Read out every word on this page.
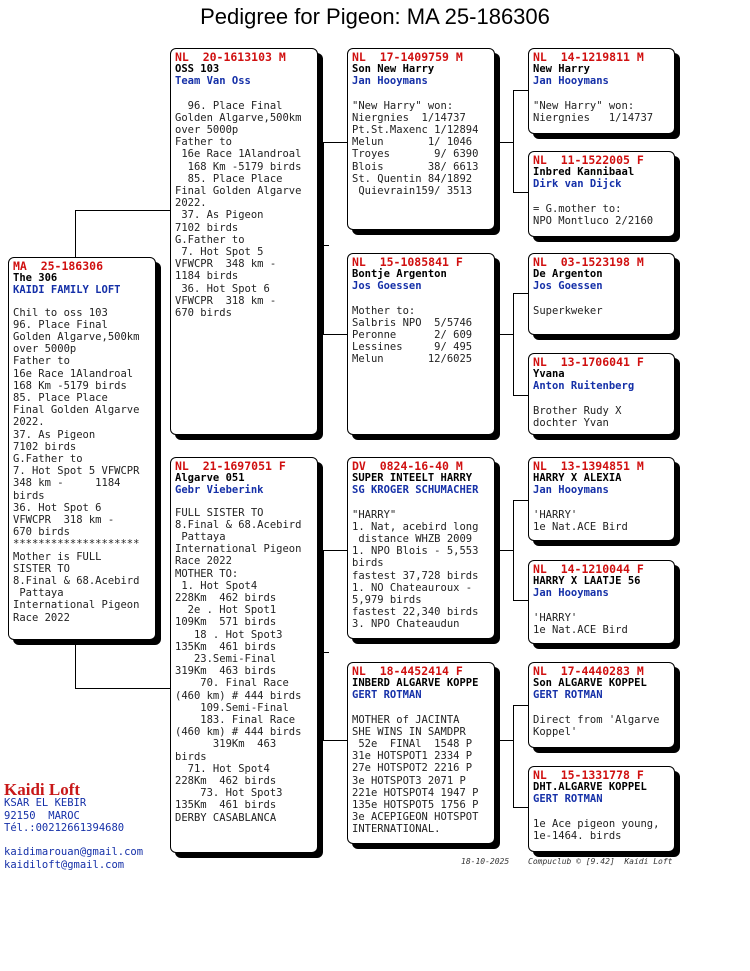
Pedigree for Pigeon: MA 25-186306
MA  25-186306
The 306
KAIDI FAMILY LOFT
Chil to oss 103
96. Place Final
Golden Algarve,500km
over 5000p
Father to
16e Race 1Alandroal
168 Km -5179 birds
85. Place Place
Final Golden Algarve
2022.
37. As Pigeon
7102 birds
G.Father to
7. Hot Spot 5 VFWCPR
348 km -     1184
birds
36. Hot Spot 6
VFWCPR  318 km -
670 birds
********************
Mother is FULL
SISTER TO
8.Final & 68.Acebird
Pattaya
International Pigeon
Race 2022
NL  20-1613103 M
OSS 103
Team Van Oss
96. Place Final
Golden Algarve,500km
over 5000p
Father to
16e Race 1Alandroal
168 Km -5179 birds
85. Place Place
Final Golden Algarve
2022.
37. As Pigeon
7102 birds
G.Father to
7. Hot Spot 5
VFWCPR  348 km -
1184 birds
36. Hot Spot 6
VFWCPR  318 km -
670 birds
NL  21-1697051 F
Algarve 051
Gebr Vieberink
FULL SISTER TO
8.Final & 68.Acebird
Pattaya
International Pigeon
Race 2022
MOTHER TO:
1. Hot Spot4
228Km  462 birds
2e . Hot Spot1
109Km  571 birds
18 . Hot Spot3
135Km  461 birds
23.Semi-Final
319Km  463 birds
70. Final Race
(460 km) # 444 birds
109.Semi-Final
183. Final Race
(460 km) # 444 birds
319Km  463
birds
71. Hot Spot4
228Km  462 birds
73. Hot Spot3
135Km  461 birds
DERBY CASABLANCA
NL  17-1409759 M
Son New Harry
Jan Hooymans
"New Harry" won:
Niergnies  1/14737
Pt.St.Maxenc 1/12894
Melun       1/ 1046
Troyes       9/ 6390
Blois       38/ 6613
St. Quentin 84/1892
Quievrain159/ 3513
NL  15-1085841 F
Bontje Argenton
Jos Goessen
Mother to:
Salbris NPO  5/5746
Peronne      2/ 609
Lessines     9/ 495
Melun       12/6025
DV  0824-16-40 M
SUPER INTEELT HARRY
SG KROGER SCHUMACHER
"HARRY"
1. Nat, acebird long
distance WHZB 2009
1. NPO Blois - 5,553
birds
fastest 37,728 birds
1. NO Chateauroux -
5,979 birds
fastest 22,340 birds
3. NPO Chateaudun
NL  18-4452414 F
INBERD ALGARVE KOPPE
GERT ROTMAN
MOTHER of JACINTA
SHE WINS IN SAMDPR
52e  FINAl  1548 P
31e HOTSPOT1 2334 P
27e HOTSPOT2 2216 P
3e HOTSPOT3 2071 P
221e HOTSPOT4 1947 P
135e HOTSPOT5 1756 P
3e ACEPIGEON HOTSPOT
INTERNATIONAL.
NL  14-1219811 M
New Harry
Jan Hooymans
"New Harry" won:
Niergnies   1/14737
NL  11-1522005 F
Inbred Kannibaal
Dirk van Dijck
= G.mother to:
NPO Montluco 2/2160
NL  03-1523198 M
De Argenton
Jos Goessen
Superkweker
NL  13-1706041 F
Yvana
Anton Ruitenberg
Brother Rudy X
dochter Yvan
NL  13-1394851 M
HARRY X ALEXIA
Jan Hooymans
'HARRY'
1e Nat.ACE Bird
NL  14-1210044 F
HARRY X LAATJE 56
Jan Hooymans
'HARRY'
1e Nat.ACE Bird
NL  17-4440283 M
Son ALGARVE KOPPEL
GERT ROTMAN
Direct from 'Algarve
Koppel'
NL  15-1331778 F
DHT.ALGARVE KOPPEL
GERT ROTMAN
1e Ace pigeon young,
1e-1464. birds
Kaidi Loft
KSAR EL KEBIR
92150  MAROC
Tél.:00212661394680
kaidimarouan@gmail.com
kaidiloft@gmail.com	18-10-2025 Compuclub © [9.42]  Kaidi Loft
